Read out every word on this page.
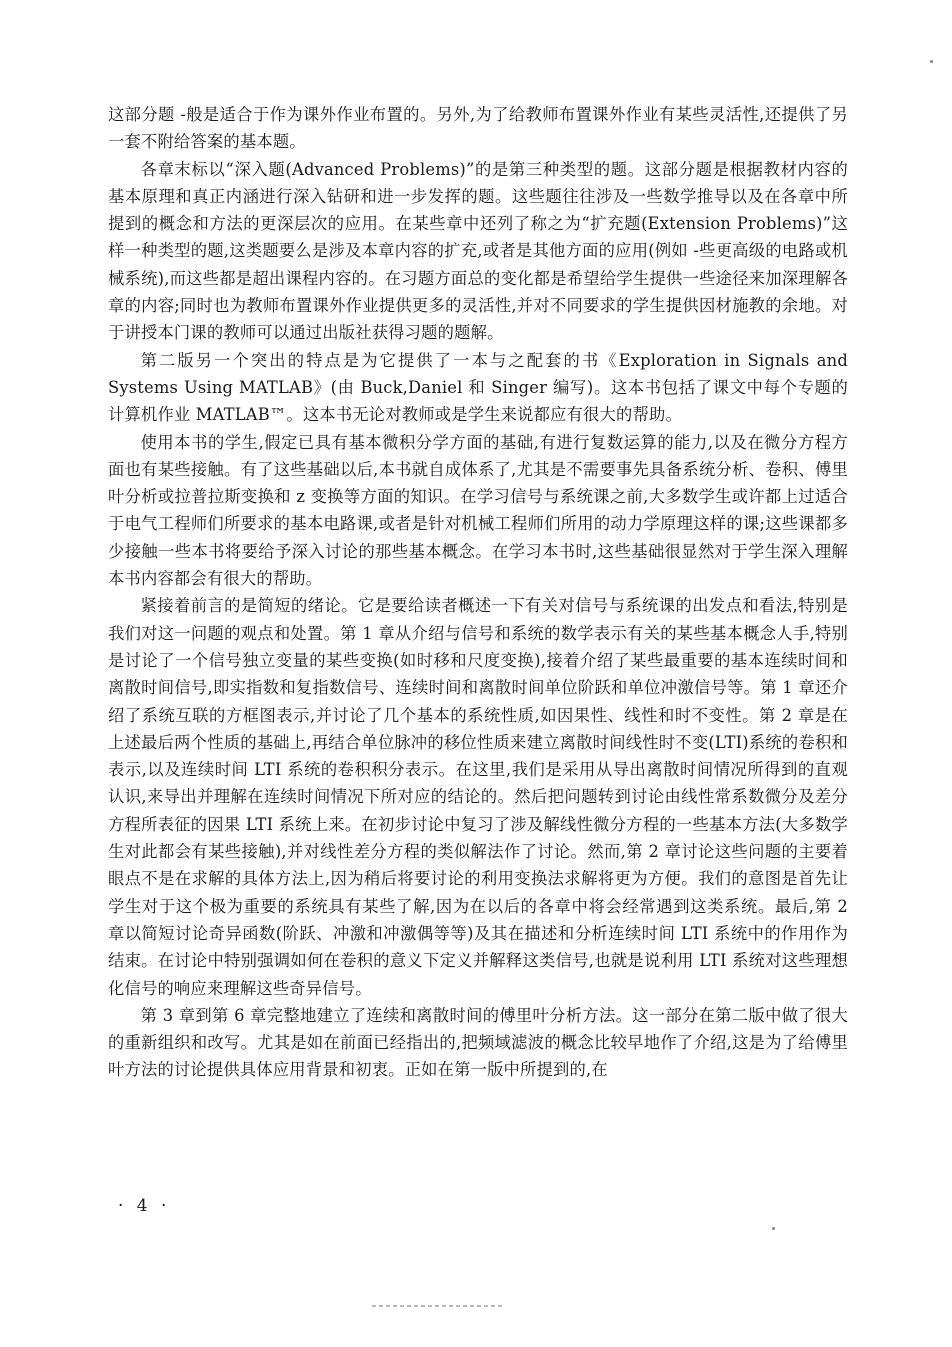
这部分题 -般是适合于作为课外作业布置的。另外,为了给教师布置课外作业有某些灵活性,还提供了另一套不附给答案的基本题。

各章末标以“深入题(Advanced Problems)”的是第三种类型的题。这部分题是根据教材内容的基本原理和真正内涵进行深入钻研和进一步发挥的题。这些题往往涉及一些数学推导以及在各章中所提到的概念和方法的更深层次的应用。在某些章中还列了称之为“扩充题(Extension Problems)”这样一种类型的题,这类题要么是涉及本章内容的扩充,或者是其他方面的应用(例如 -些更高级的电路或机械系统),而这些都是超出课程内容的。在习题方面总的变化都是希望给学生提供一些途径来加深理解各章的内容;同时也为教师布置课外作业提供更多的灵活性,并对不同要求的学生提供因材施教的余地。对于讲授本门课的教师可以通过出版社获得习题的题解。

第二版另一个突出的特点是为它提供了一本与之配套的书《Exploration in Signals and Systems Using MATLAB》(由 Buck,Daniel 和 Singer 编写)。这本书包括了课文中每个专题的计算机作业 MATLAB™。这本书无论对教师或是学生来说都应有很大的帮助。

使用本书的学生,假定已具有基本微积分学方面的基础,有进行复数运算的能力,以及在微分方程方面也有某些接触。有了这些基础以后,本书就自成体系了,尤其是不需要事先具备系统分析、卷积、傅里叶分析或拉普拉斯变换和 z 变换等方面的知识。在学习信号与系统课之前,大多数学生或许都上过适合于电气工程师们所要求的基本电路课,或者是针对机械工程师们所用的动力学原理这样的课;这些课都多少接触一些本书将要给予深入讨论的那些基本概念。在学习本书时,这些基础很显然对于学生深入理解本书内容都会有很大的帮助。

紧接着前言的是简短的绪论。它是要给读者概述一下有关对信号与系统课的出发点和看法,特别是我们对这一问题的观点和处置。第 1 章从介绍与信号和系统的数学表示有关的某些基本概念人手,特别是讨论了一个信号独立变量的某些变换(如时移和尺度变换),接着介绍了某些最重要的基本连续时间和离散时间信号,即实指数和复指数信号、连续时间和离散时间单位阶跃和单位冲激信号等。第 1 章还介绍了系统互联的方框图表示,并讨论了几个基本的系统性质,如因果性、线性和时不变性。第 2 章是在上述最后两个性质的基础上,再结合单位脉冲的移位性质来建立离散时间线性时不变(LTI)系统的卷积和表示,以及连续时间 LTI 系统的卷积积分表示。在这里,我们是采用从导出离散时间情况所得到的直观认识,来导出并理解在连续时间情况下所对应的结论的。然后把问题转到讨论由线性常系数微分及差分方程所表征的因果 LTI 系统上来。在初步讨论中复习了涉及解线性微分方程的一些基本方法(大多数学生对此都会有某些接触),并对线性差分方程的类似解法作了讨论。然而,第 2 章讨论这些问题的主要着眼点不是在求解的具体方法上,因为稍后将要讨论的利用变换法求解将更为方便。我们的意图是首先让学生对于这个极为重要的系统具有某些了解,因为在以后的各章中将会经常遇到这类系统。最后,第 2 章以简短讨论奇异函数(阶跃、冲激和冲激偶等等)及其在描述和分析连续时间 LTI 系统中的作用作为结束。在讨论中特别强调如何在卷积的意义下定义并解释这类信号,也就是说利用 LTI 系统对这些理想化信号的响应来理解这些奇异信号。

第 3 章到第 6 章完整地建立了连续和离散时间的傅里叶分析方法。这一部分在第二版中做了很大的重新组织和改写。尤其是如在前面已经指出的,把频域滤波的概念比较早地作了介绍,这是为了给傅里叶方法的讨论提供具体应用背景和初衷。正如在第一版中所提到的,在

· 4 ·
